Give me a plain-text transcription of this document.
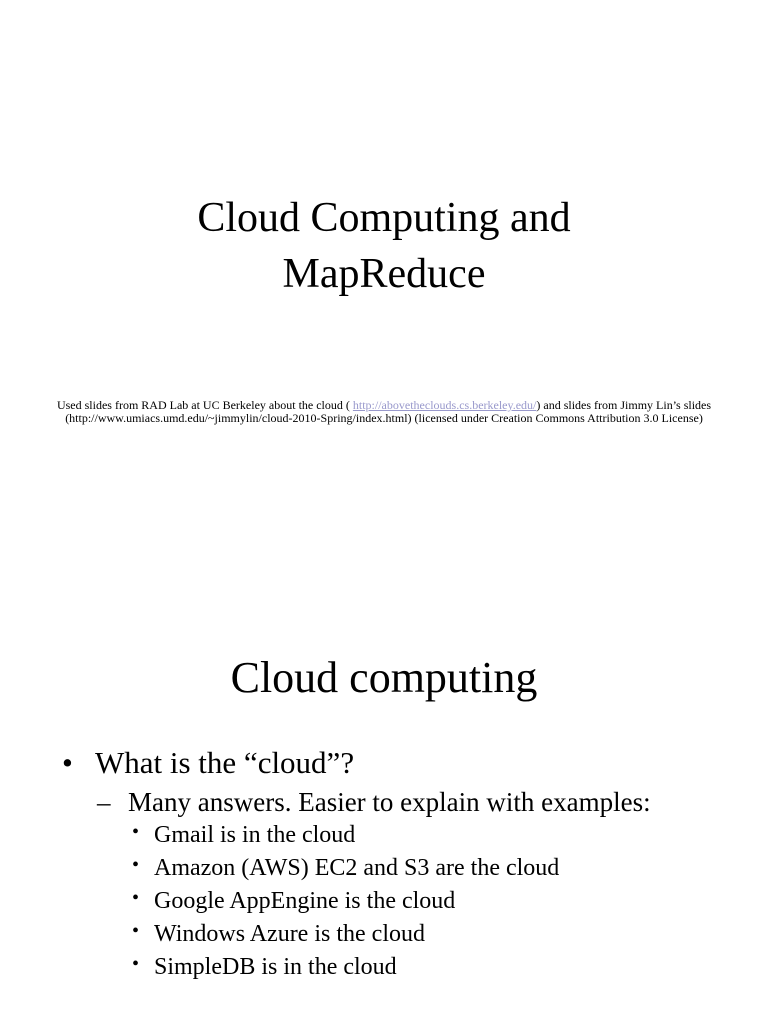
Cloud Computing and
MapReduce

Used slides from RAD Lab at UC Berkeley about the cloud ( http://abovetheclouds.cs.berkeley.edu/) and slides from Jimmy Lin’s slides (http://www.umiacs.umd.edu/~jimmylin/cloud-2010-Spring/index.html) (licensed under Creation Commons Attribution 3.0 License)

Cloud computing
• What is the “cloud”?
– Many answers. Easier to explain with examples:
• Gmail is in the cloud
• Amazon (AWS) EC2 and S3 are the cloud
• Google AppEngine is the cloud
• Windows Azure is the cloud
• SimpleDB is in the cloud
